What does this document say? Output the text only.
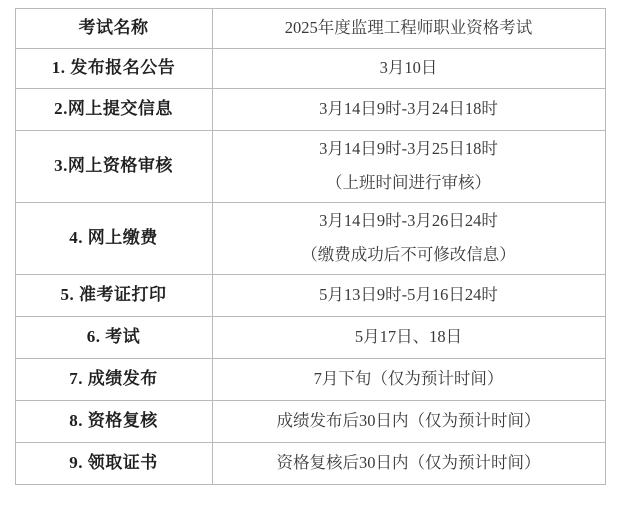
考试名称	2025年度监理工程师职业资格考试

1. 发布报名公告	3月10日

2.网上提交信息	3月14日9时-3月24日18时

3.网上资格审核	3月14日9时-3月25日18时
（上班时间进行审核）

4. 网上缴费	3月14日9时-3月26日24时
（缴费成功后不可修改信息）

5. 准考证打印	5月13日9时-5月16日24时

6. 考试	5月17日、18日

7. 成绩发布	7月下旬（仅为预计时间）

8. 资格复核	成绩发布后30日内（仅为预计时间）

9. 领取证书	资格复核后30日内（仅为预计时间）
